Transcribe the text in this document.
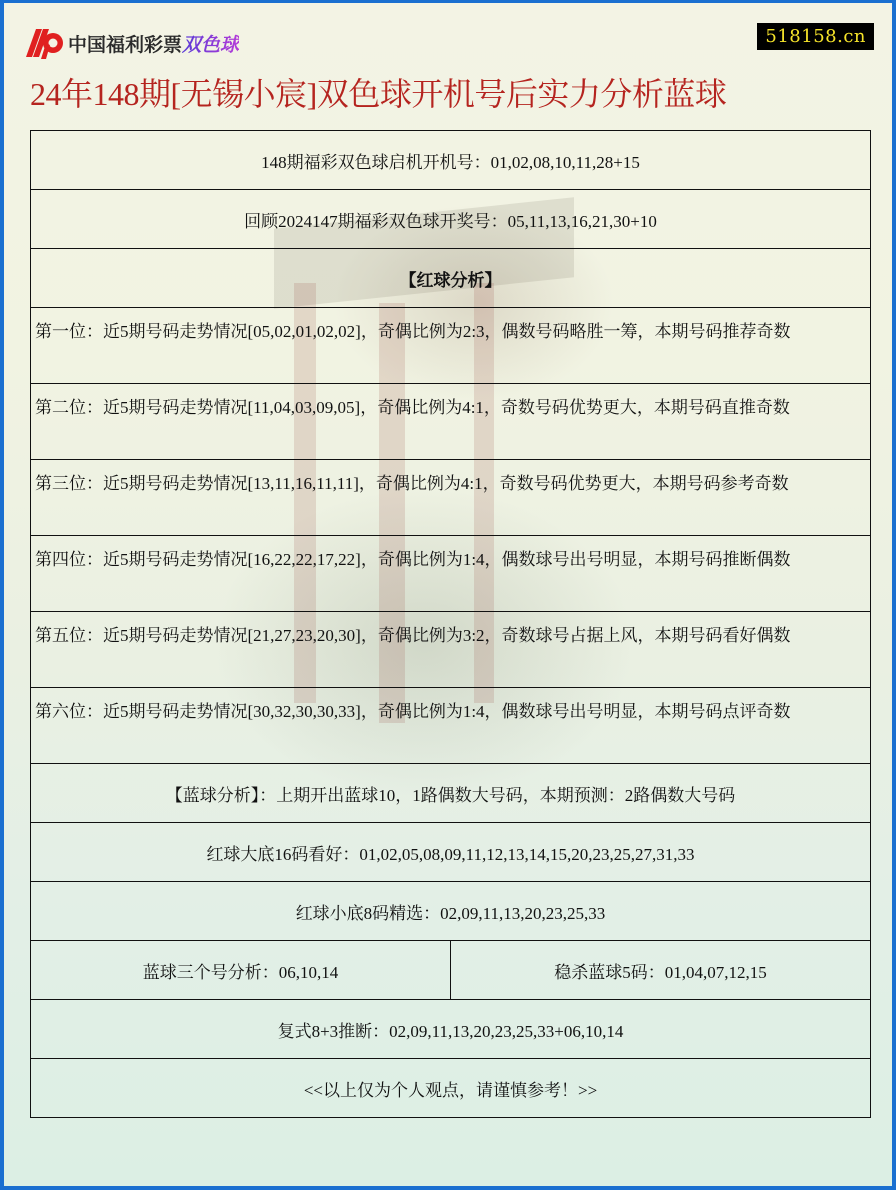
中国福利彩票 双色球	518158.cn
24年148期[无锡小宸]双色球开机号后实力分析蓝球
148期福彩双色球启机开机号：01,02,08,10,11,28+15
回顾2024147期福彩双色球开奖号：05,11,13,16,21,30+10
【红球分析】
第一位：近5期号码走势情况[05,02,01,02,02]，奇偶比例为2:3，偶数号码略胜一筹，本期号码推荐奇数
第二位：近5期号码走势情况[11,04,03,09,05]，奇偶比例为4:1，奇数号码优势更大，本期号码直推奇数
第三位：近5期号码走势情况[13,11,16,11,11]，奇偶比例为4:1，奇数号码优势更大，本期号码参考奇数
第四位：近5期号码走势情况[16,22,22,17,22]，奇偶比例为1:4，偶数球号出号明显，本期号码推断偶数
第五位：近5期号码走势情况[21,27,23,20,30]，奇偶比例为3:2，奇数球号占据上风，本期号码看好偶数
第六位：近5期号码走势情况[30,32,30,30,33]，奇偶比例为1:4，偶数球号出号明显，本期号码点评奇数
【蓝球分析】：上期开出蓝球10，1路偶数大号码，本期预测：2路偶数大号码
红球大底16码看好：01,02,05,08,09,11,12,13,14,15,20,23,25,27,31,33
红球小底8码精选：02,09,11,13,20,23,25,33
蓝球三个号分析：06,10,14	稳杀蓝球5码：01,04,07,12,15
复式8+3推断：02,09,11,13,20,23,25,33+06,10,14
<<以上仅为个人观点，请谨慎参考！>>
